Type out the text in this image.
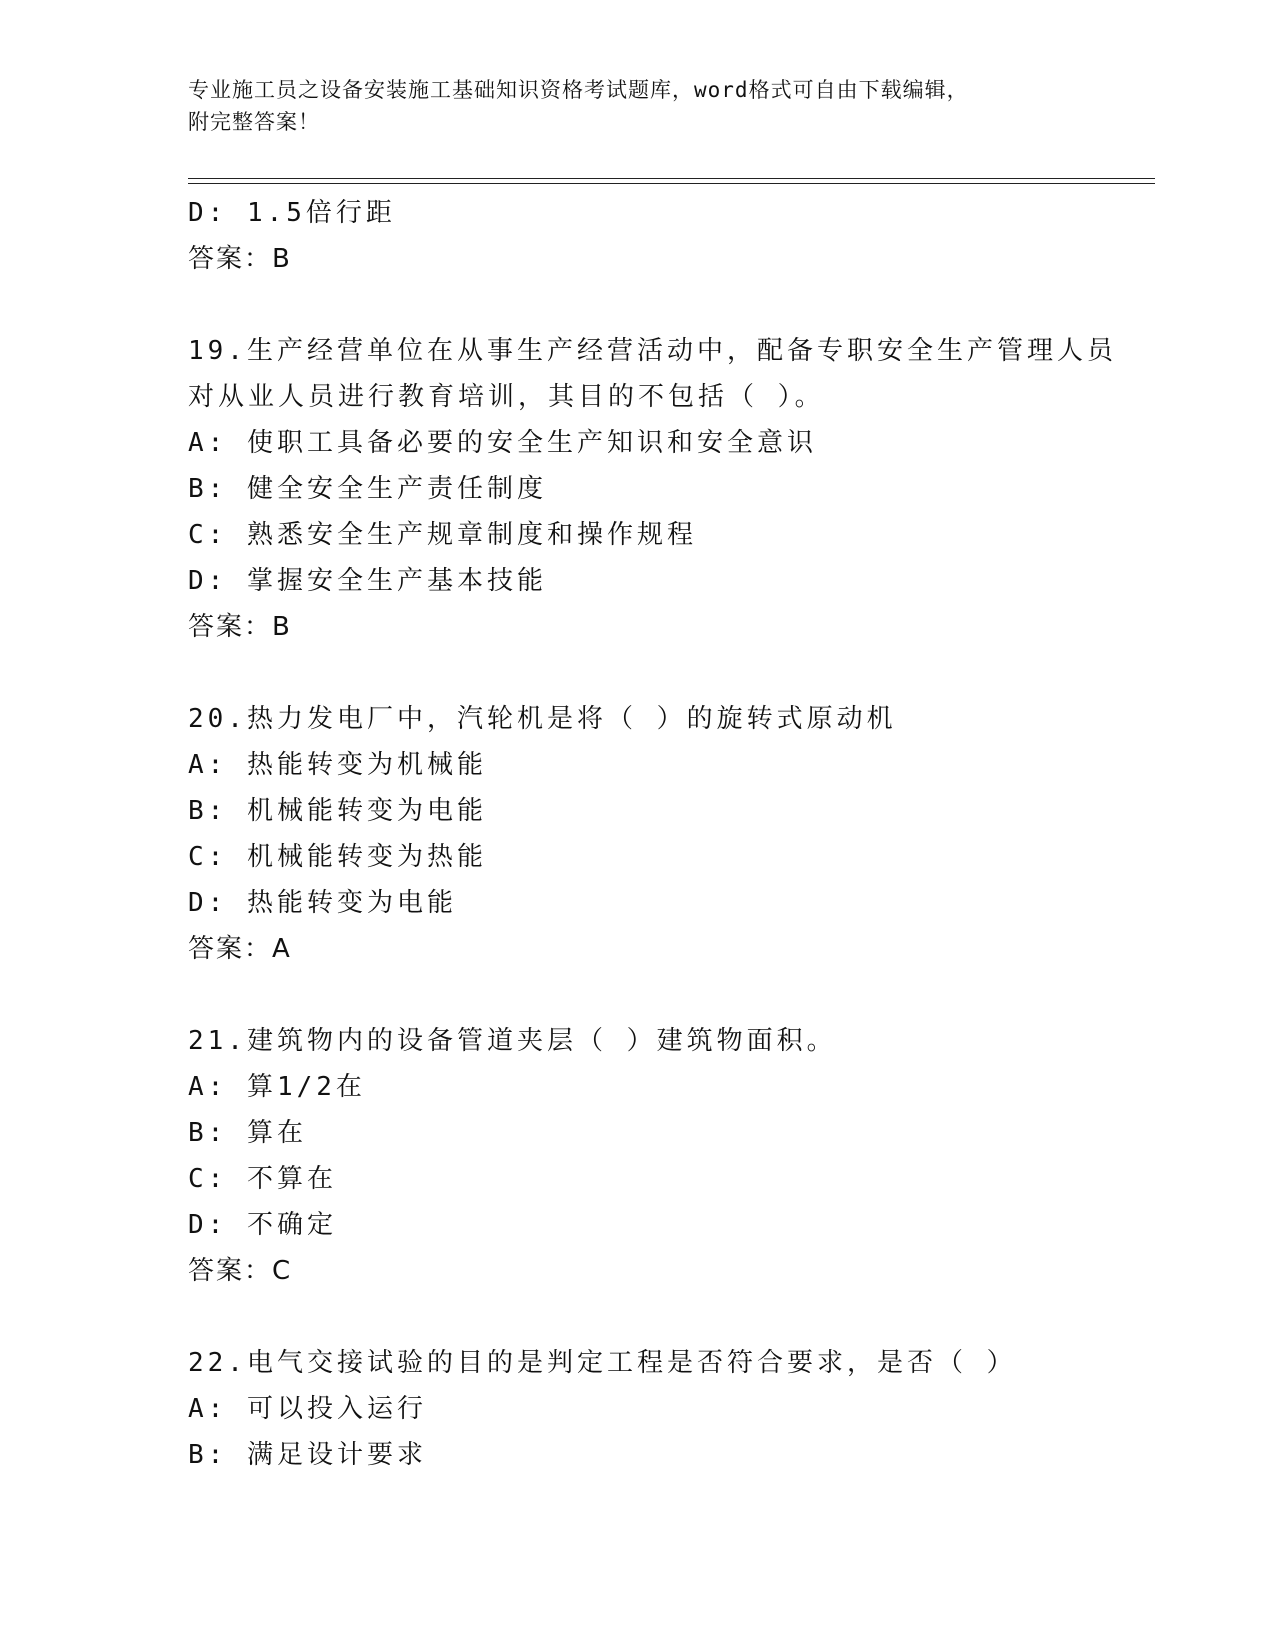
专业施工员之设备安装施工基础知识资格考试题库，word格式可自由下载编辑，
附完整答案！
D: 1.5倍行距
答案：B
19.生产经营单位在从事生产经营活动中，配备专职安全生产管理人员
对从业人员进行教育培训，其目的不包括（ ）。
A: 使职工具备必要的安全生产知识和安全意识
B: 健全安全生产责任制度
C: 熟悉安全生产规章制度和操作规程
D: 掌握安全生产基本技能
答案：B
20.热力发电厂中，汽轮机是将（ ）的旋转式原动机
A: 热能转变为机械能
B: 机械能转变为电能
C: 机械能转变为热能
D: 热能转变为电能
答案：A
21.建筑物内的设备管道夹层（ ）建筑物面积。
A: 算1/2在
B: 算在
C: 不算在
D: 不确定
答案：C
22.电气交接试验的目的是判定工程是否符合要求，是否（ ）
A: 可以投入运行
B: 满足设计要求
